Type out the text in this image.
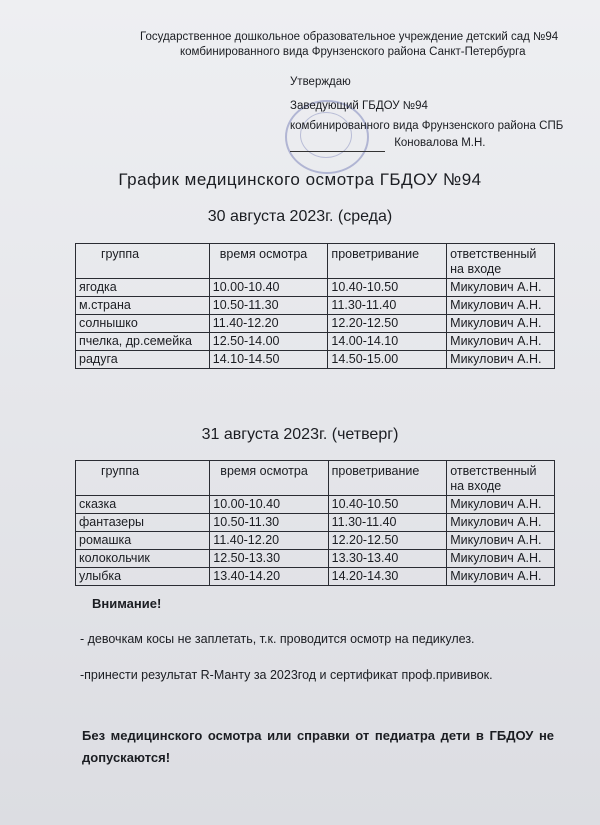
Государственное дошкольное образовательное учреждение детский сад №94
комбинированного вида Фрунзенского района Санкт-Петербурга
Утверждаю
Заведующий ГБДОУ №94
комбинированного вида Фрунзенского района СПБ
Коновалова М.Н.
График медицинского осмотра ГБДОУ №94
30 августа 2023г. (среда)
группа	время осмотра	проветривание	ответственный на входе
ягодка	10.00-10.40	10.40-10.50	Микулович А.Н.
м.страна	10.50-11.30	11.30-11.40	Микулович А.Н.
солнышко	11.40-12.20	12.20-12.50	Микулович А.Н.
пчелка, др.семейка	12.50-14.00	14.00-14.10	Микулович А.Н.
радуга	14.10-14.50	14.50-15.00	Микулович А.Н.
31 августа 2023г. (четверг)
группа	время осмотра	проветривание	ответственный на входе
сказка	10.00-10.40	10.40-10.50	Микулович А.Н.
фантазеры	10.50-11.30	11.30-11.40	Микулович А.Н.
ромашка	11.40-12.20	12.20-12.50	Микулович А.Н.
колокольчик	12.50-13.30	13.30-13.40	Микулович А.Н.
улыбка	13.40-14.20	14.20-14.30	Микулович А.Н.
Внимание!
- девочкам косы не заплетать, т.к. проводится осмотр на педикулез.
-принести результат R-Манту за 2023год и сертификат проф.прививок.
Без медицинского осмотра или справки от педиатра дети в ГБДОУ не допускаются!
